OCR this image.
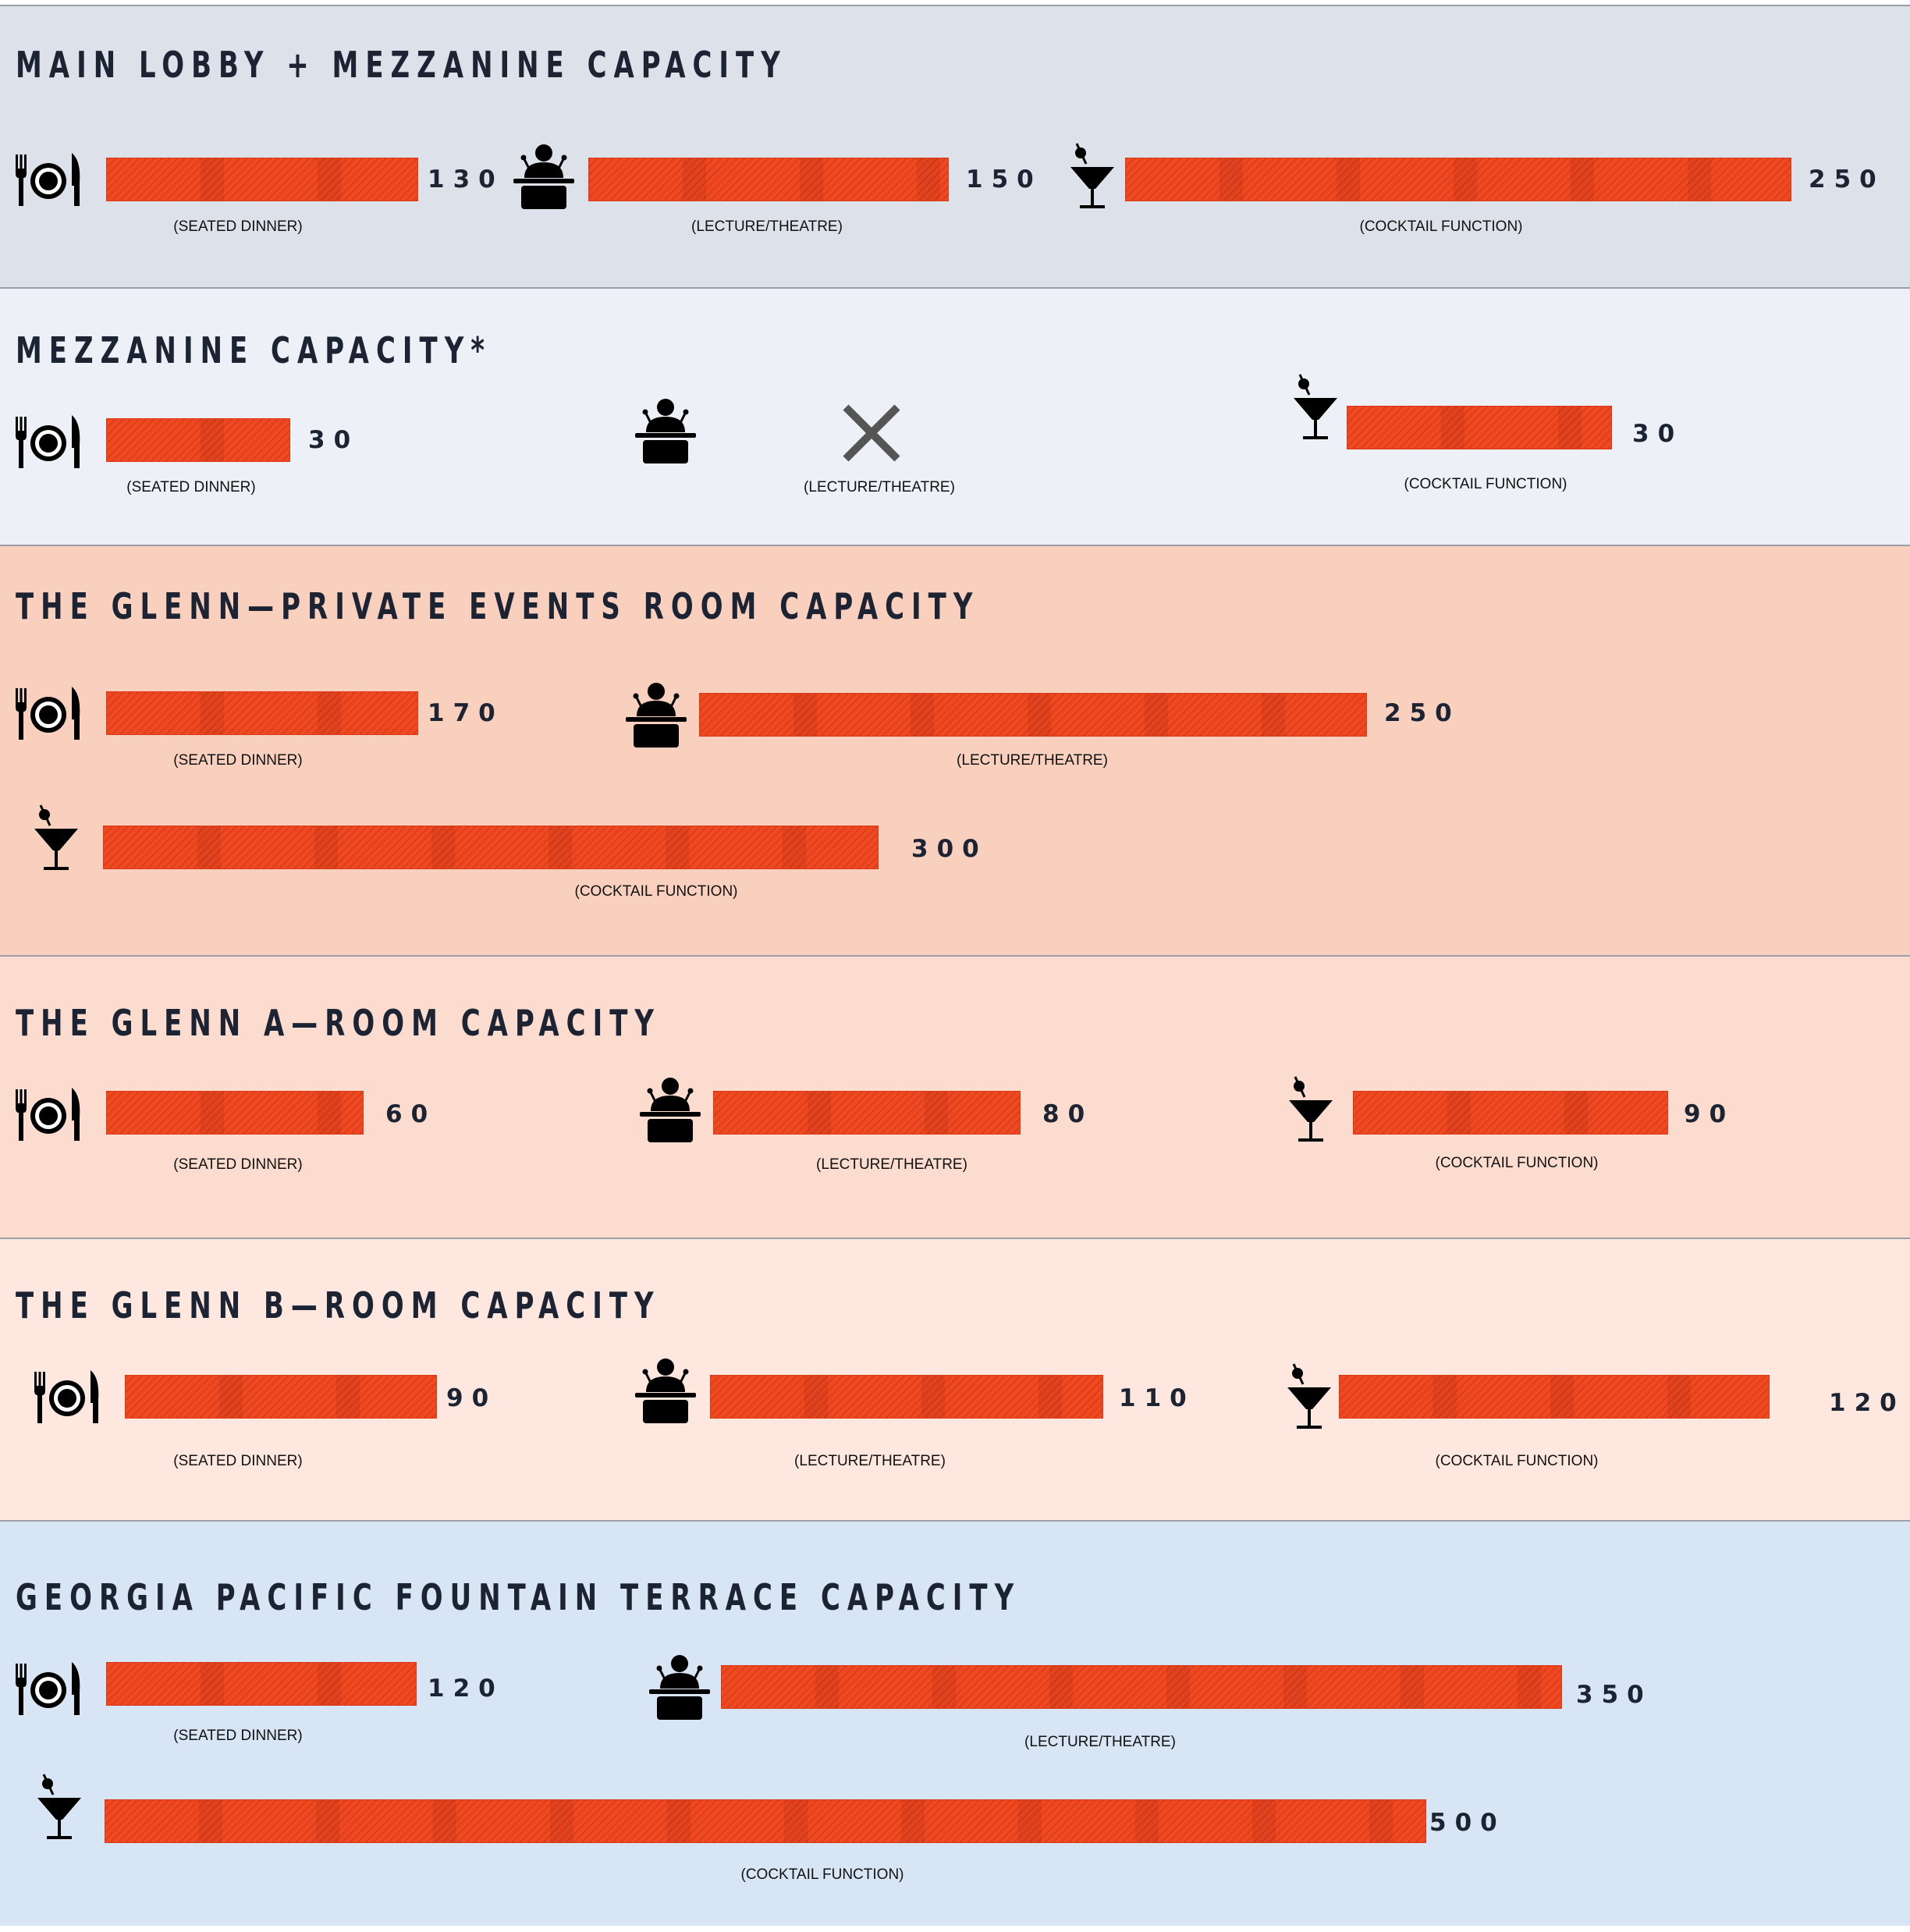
MAIN LOBBY + MEZZANINE CAPACITY
130
(SEATED DINNER)
150
(LECTURE/THEATRE)
250
(COCKTAIL FUNCTION)
MEZZANINE CAPACITY*
30
(SEATED DINNER)	(LECTURE/THEATRE)
30
(COCKTAIL FUNCTION)
THE GLENN—PRIVATE EVENTS ROOM CAPACITY
170
(SEATED DINNER)
250
(LECTURE/THEATRE)
300
(COCKTAIL FUNCTION)
THE GLENN A—ROOM CAPACITY
60
(SEATED DINNER)
80
(LECTURE/THEATRE)
90
(COCKTAIL FUNCTION)
THE GLENN B—ROOM CAPACITY
90
(SEATED DINNER)
110
(LECTURE/THEATRE)
120
(COCKTAIL FUNCTION)
GEORGIA PACIFIC FOUNTAIN TERRACE CAPACITY
120
(SEATED DINNER)
350
(LECTURE/THEATRE)
500
(COCKTAIL FUNCTION)
